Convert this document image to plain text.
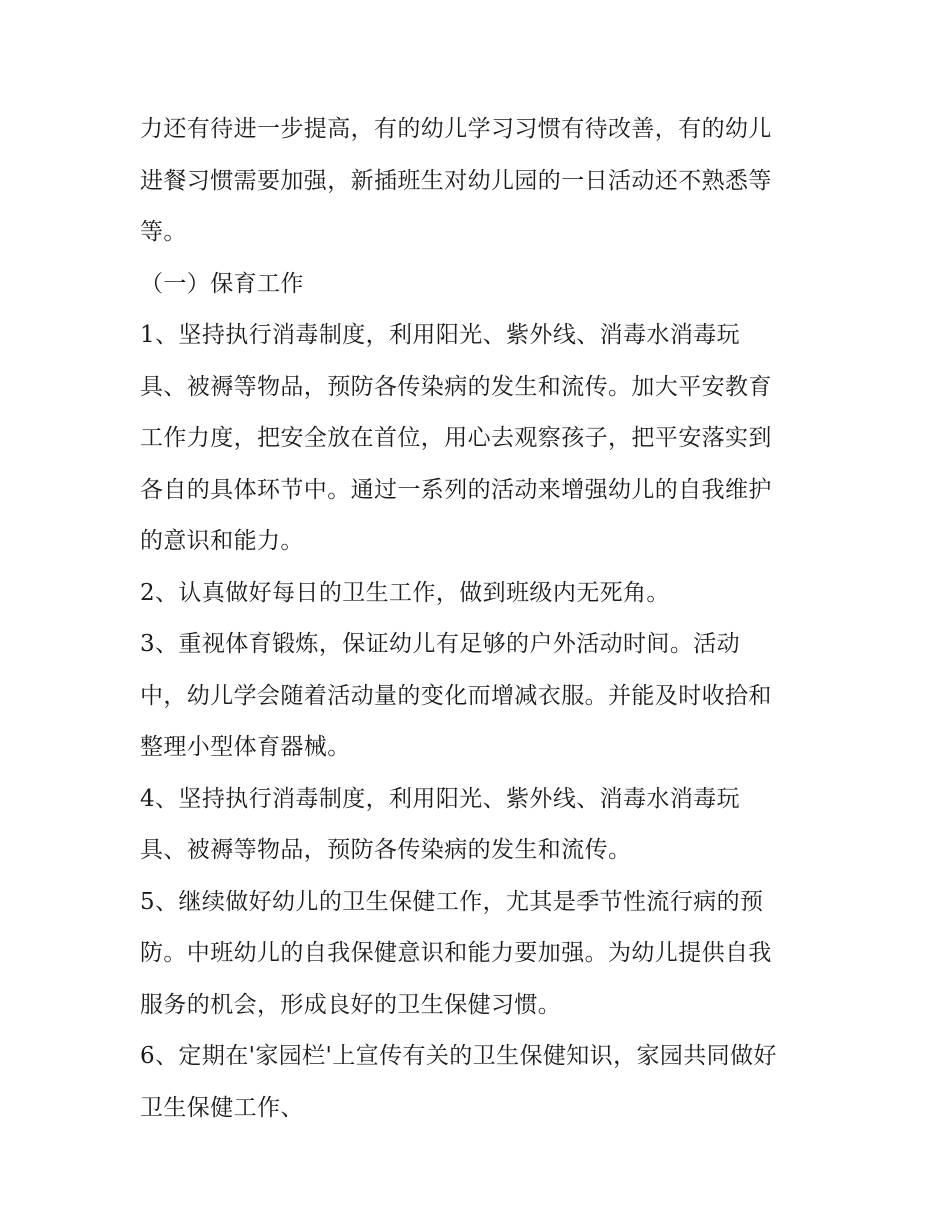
力还有待进一步提高，有的幼儿学习习惯有待改善，有的幼儿
进餐习惯需要加强，新插班生对幼儿园的一日活动还不熟悉等
等。
（一）保育工作
1、坚持执行消毒制度，利用阳光、紫外线、消毒水消毒玩
具、被褥等物品，预防各传染病的发生和流传。加大平安教育
工作力度，把安全放在首位，用心去观察孩子，把平安落实到
各自的具体环节中。通过一系列的活动来增强幼儿的自我维护
的意识和能力。
2、认真做好每日的卫生工作，做到班级内无死角。
3、重视体育锻炼，保证幼儿有足够的户外活动时间。活动
中，幼儿学会随着活动量的变化而增减衣服。并能及时收拾和
整理小型体育器械。
4、坚持执行消毒制度，利用阳光、紫外线、消毒水消毒玩
具、被褥等物品，预防各传染病的发生和流传。
5、继续做好幼儿的卫生保健工作，尤其是季节性流行病的预
防。中班幼儿的自我保健意识和能力要加强。为幼儿提供自我
服务的机会，形成良好的卫生保健习惯。
6、定期在'家园栏'上宣传有关的卫生保健知识，家园共同做好
卫生保健工作、
